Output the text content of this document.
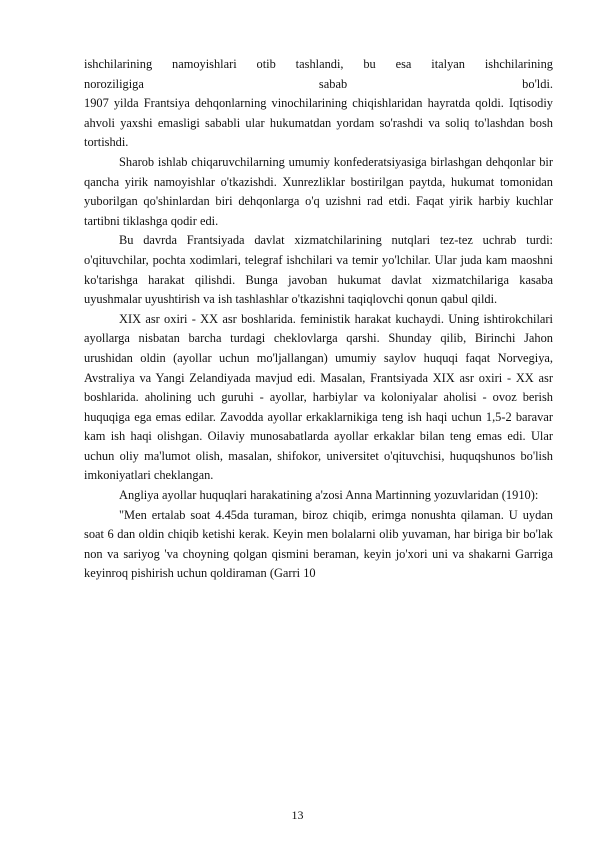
ishchilarining namoyishlari otib tashlandi, bu esa italyan ishchilarining

noroziligiga sabab bo'ldi.

1907 yilda Frantsiya dehqonlarning vinochilarining chiqishlaridan hayratda qoldi. Iqtisodiy ahvoli yaxshi emasligi sababli ular hukumatdan yordam so'rashdi va soliq to'lashdan bosh tortishdi.

Sharob ishlab chiqaruvchilarning umumiy konfederatsiyasiga birlashgan dehqonlar bir qancha yirik namoyishlar o'tkazishdi. Xunrezliklar bostirilgan paytda, hukumat tomonidan yuborilgan qo'shinlardan biri dehqonlarga o'q uzishni rad etdi. Faqat yirik harbiy kuchlar tartibni tiklashga qodir edi.

Bu davrda Frantsiyada davlat xizmatchilarining nutqlari tez-tez uchrab turdi: o'qituvchilar, pochta xodimlari, telegraf ishchilari va temir yo'lchilar. Ular juda kam maoshni ko'tarishga harakat qilishdi. Bunga javoban hukumat davlat xizmatchilariga kasaba uyushmalar uyushtirish va ish tashlashlar o'tkazishni taqiqlovchi qonun qabul qildi.

XIX asr oxiri - XX asr boshlarida. feministik harakat kuchaydi. Uning ishtirokchilari ayollarga nisbatan barcha turdagi cheklovlarga qarshi. Shunday qilib, Birinchi Jahon urushidan oldin (ayollar uchun mo'ljallangan) umumiy saylov huquqi faqat Norvegiya, Avstraliya va Yangi Zelandiyada mavjud edi. Masalan, Frantsiyada XIX asr oxiri - XX asr boshlarida. aholining uch guruhi - ayollar, harbiylar va koloniyalar aholisi - ovoz berish huquqiga ega emas edilar. Zavodda ayollar erkaklarnikiga teng ish haqi uchun 1,5-2 baravar kam ish haqi olishgan. Oilaviy munosabatlarda ayollar erkaklar bilan teng emas edi. Ular uchun oliy ma'lumot olish, masalan, shifokor, universitet o'qituvchisi, huquqshunos bo'lish imkoniyatlari cheklangan.

Angliya ayollar huquqlari harakatining a'zosi Anna Martinning yozuvlaridan (1910):

"Men ertalab soat 4.45da turaman, biroz chiqib, erimga nonushta qilaman. U uydan soat 6 dan oldin chiqib ketishi kerak. Keyin men bolalarni olib yuvaman, har biriga bir bo'lak non va sariyog 'va choyning qolgan qismini beraman, keyin jo'xori uni va shakarni Garriga keyinroq pishirish uchun qoldiraman (Garri 10

13
